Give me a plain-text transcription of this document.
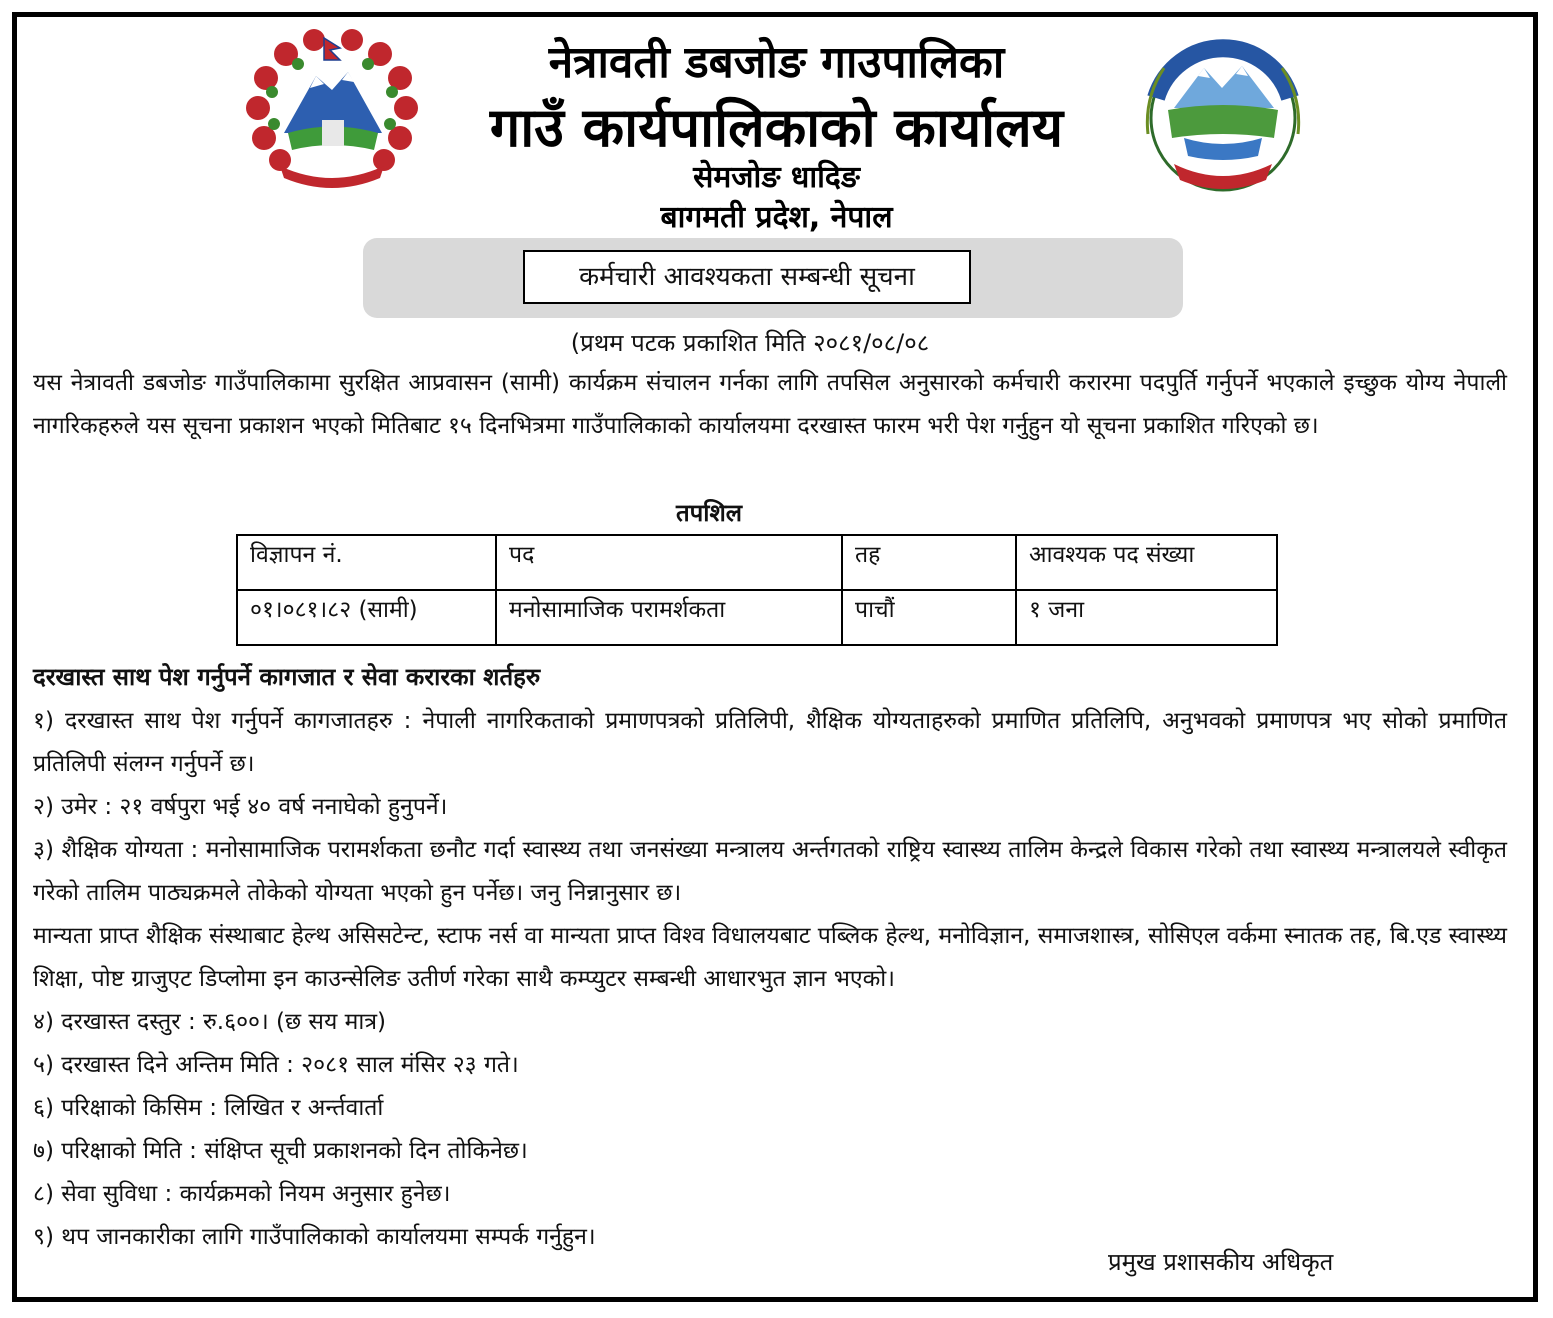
नेत्रावती डबजोङ गाउपालिका
गाउँ कार्यपालिकाको कार्यालय
सेमजोङ धादिङ
बागमती प्रदेश, नेपाल
कर्मचारी आवश्यकता सम्बन्धी सूचना
(प्रथम पटक प्रकाशित मिति २०८१/०८/०८
यस नेत्रावती डबजोङ गाउँपालिकामा सुरक्षित आप्रवासन (सामी) कार्यक्रम संचालन गर्नका लागि तपसिल अनुसारको कर्मचारी करारमा पदपुर्ति गर्नुपर्ने भएकाले इच्छुक योग्य नेपाली नागरिकहरुले यस सूचना प्रकाशन भएको मितिबाट १५ दिनभित्रमा गाउँपालिकाको कार्यालयमा दरखास्त फारम भरी पेश गर्नुहुन यो सूचना प्रकाशित गरिएको छ।
तपशिल
विज्ञापन नं.	पद	तह	आवश्यक पद संख्या
०१।०८१।८२ (सामी)	मनोसामाजिक परामर्शकता	पाचौं	१ जना
दरखास्त साथ पेश गर्नुपर्ने कागजात र सेवा करारका शर्तहरु

१) दरखास्त साथ पेश गर्नुपर्ने कागजातहरु : नेपाली नागरिकताको प्रमाणपत्रको प्रतिलिपी, शैक्षिक योग्यताहरुको प्रमाणित प्रतिलिपि, अनुभवको प्रमाणपत्र भए सोको प्रमाणित प्रतिलिपी संलग्न गर्नुपर्ने छ।

२) उमेर : २१ वर्षपुरा भई ४० वर्ष ननाघेको हुनुपर्ने।

३) शैक्षिक योग्यता : मनोसामाजिक परामर्शकता छनौट गर्दा स्वास्थ्य तथा जनसंख्या मन्त्रालय अर्न्तगतको राष्ट्रिय स्वास्थ्य तालिम केन्द्रले विकास गरेको तथा स्वास्थ्य मन्त्रालयले स्वीकृत गरेको तालिम पाठ्यक्रमले तोकेको योग्यता भएको हुन पर्नेछ। जनु निन्नानुसार छ।

मान्यता प्राप्त शैक्षिक संस्थाबाट हेल्थ असिसटेन्ट, स्टाफ नर्स वा मान्यता प्राप्त विश्व विधालयबाट पब्लिक हेल्थ, मनोविज्ञान, समाजशास्त्र, सोसिएल वर्कमा स्नातक तह, बि.एड स्वास्थ्य शिक्षा, पोष्ट ग्राजुएट डिप्लोमा इन काउन्सेलिङ उतीर्ण गरेका साथै कम्प्युटर सम्बन्धी आधारभुत ज्ञान भएको।

४) दरखास्त दस्तुर : रु.६००। (छ सय मात्र)

५) दरखास्त दिने अन्तिम मिति : २०८१ साल मंसिर २३ गते।

६) परिक्षाको किसिम : लिखित र अर्न्तवार्ता

७) परिक्षाको मिति : संक्षिप्त सूची प्रकाशनको दिन तोकिनेछ।

८) सेवा सुविधा : कार्यक्रमको नियम अनुसार हुनेछ।

९) थप जानकारीका लागि गाउँपालिकाको कार्यालयमा सम्पर्क गर्नुहुन।

प्रमुख प्रशासकीय अधिकृत
